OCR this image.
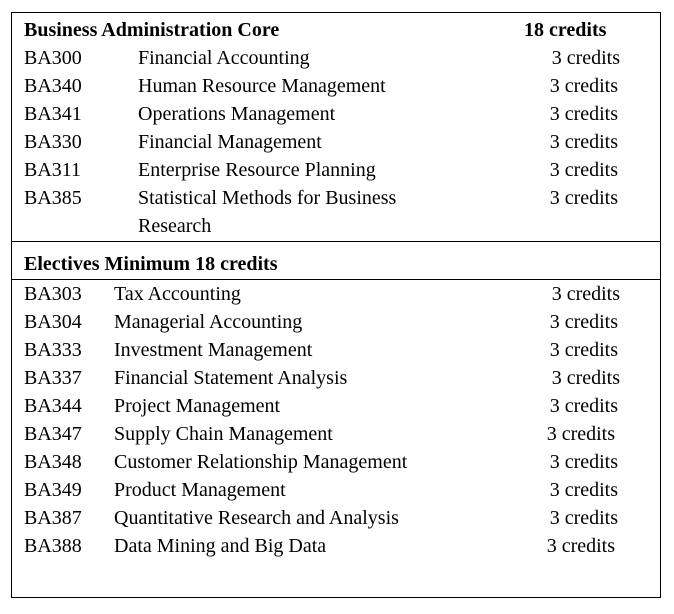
Business Administration Core	18 credits
BA300	Financial Accounting	3 credits
BA340	Human Resource Management	3 credits
BA341	Operations Management	3 credits
BA330	Financial Management	3 credits
BA311	Enterprise Resource Planning	3 credits
BA385	Statistical Methods for Business	3 credits
Research
Electives Minimum 18 credits
BA303 Tax Accounting	3 credits
BA304 Managerial Accounting	3 credits
BA333 Investment Management	3 credits
BA337 Financial Statement Analysis	3 credits
BA344 Project Management	3 credits
BA347 Supply Chain Management	3 credits
BA348 Customer Relationship Management	3 credits
BA349 Product Management	3 credits
BA387 Quantitative Research and Analysis	3 credits
BA388 Data Mining and Big Data	3 credits
